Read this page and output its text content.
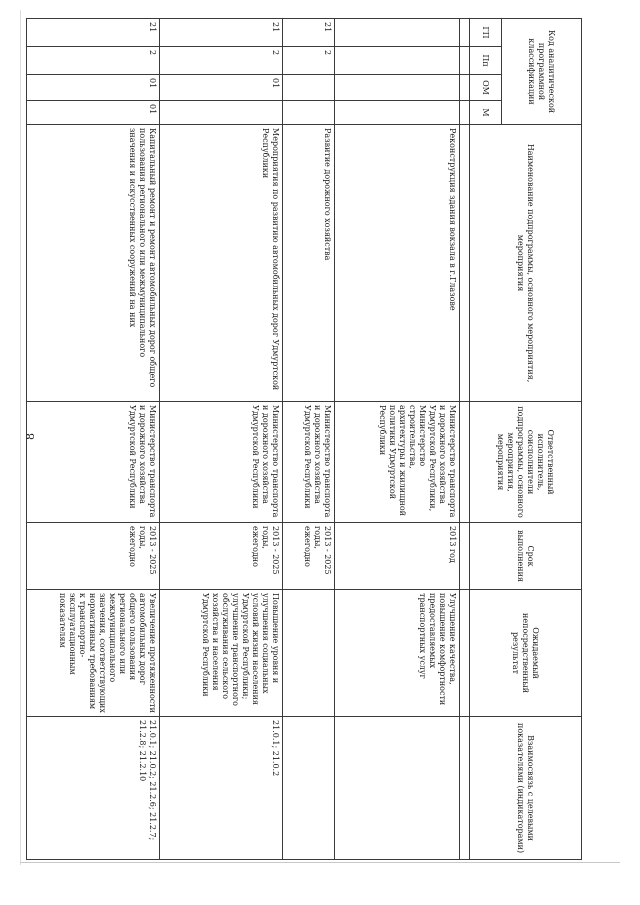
8
Код аналитической программной классификации				Наименование подпрограммы, основного мероприятия, мероприятия	Ответственный исполнитель, соисполнители подпрограммы, основного мероприятия, мероприятия	Срок выполнения	Ожидаемый непосредственный результат	Взаимосвязь с целевыми показателями (индикаторами)
ГП	Пп	ОМ	М					

				Реконструкция здания вокзала в г.Глазове	Министерство транспорта и дорожного хозяйства Удмуртской Республики, Министерство строительства, архитектуры и жилищной политики Удмуртской Республики	2013 год	Улучшение качества, повышение комфортности предоставляемых транспортных услуг	
21	2			Развитие дорожного хозяйства	Министерство транспорта и дорожного хозяйства Удмуртской Республики	2013 - 2025 годы, ежегодно		
21	2	01		Мероприятия по развитию автомобильных дорог Удмуртской Республики	Министерство транспорта и дорожного хозяйства Удмуртской Республики	2013 - 2025 годы, ежегодно	Повышение уровня и улучшения социальных условий жизни населения Удмуртской Республики; улучшение транспортного обслуживания сельского хозяйства и населения Удмуртской Республики	21.0.1; 21.0.2
21	2	01	01	Капитальный ремонт и ремонт автомобильных дорог общего пользования регионального или межмуниципального значения и искусственных сооружений на них	Министерство транспорта и дорожного хозяйства Удмуртской Республики	2013 - 2025 годы, ежегодно	Увеличение протяженности автомобильных дорог общего пользования регионального или межмуниципального значения, соответствующих нормативным требованиям к транспортно-эксплуатационным показателям	21.0.1; 21.0.2; 21.2.6; 21.2.7; 21.2.8; 21.2.10
